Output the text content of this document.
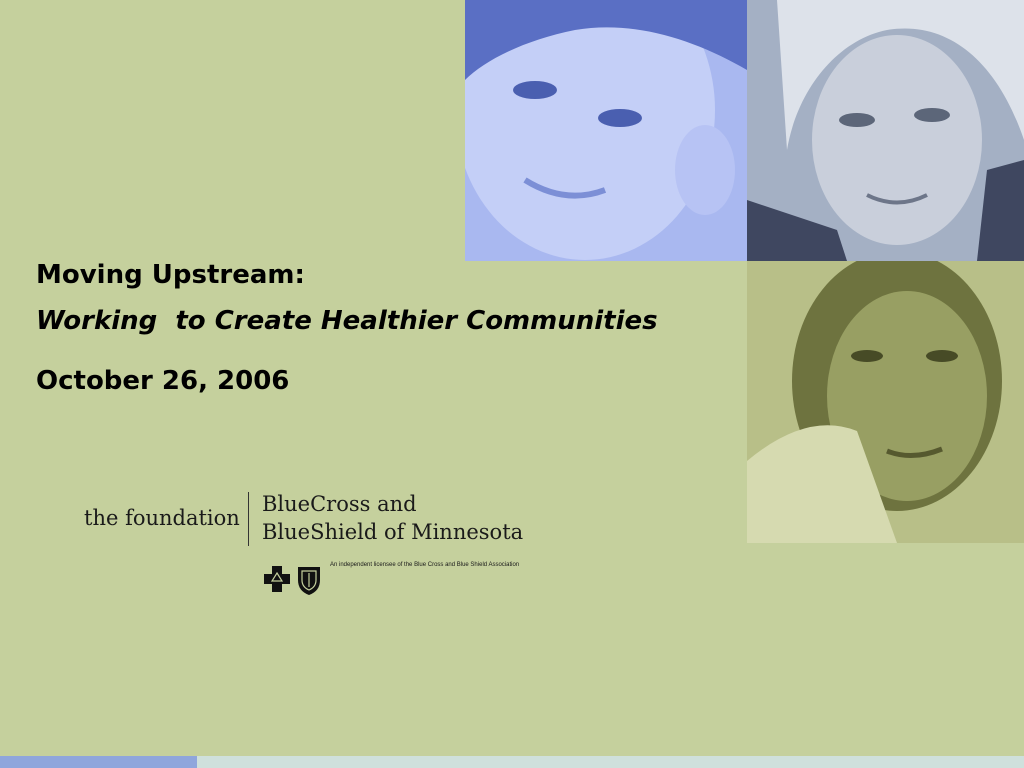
Moving Upstream:

Working  to Create Healthier Communities

October 26, 2006

the foundation
BlueCross and
BlueShield of Minnesota
An independent licensee of the Blue Cross and Blue Shield Association
